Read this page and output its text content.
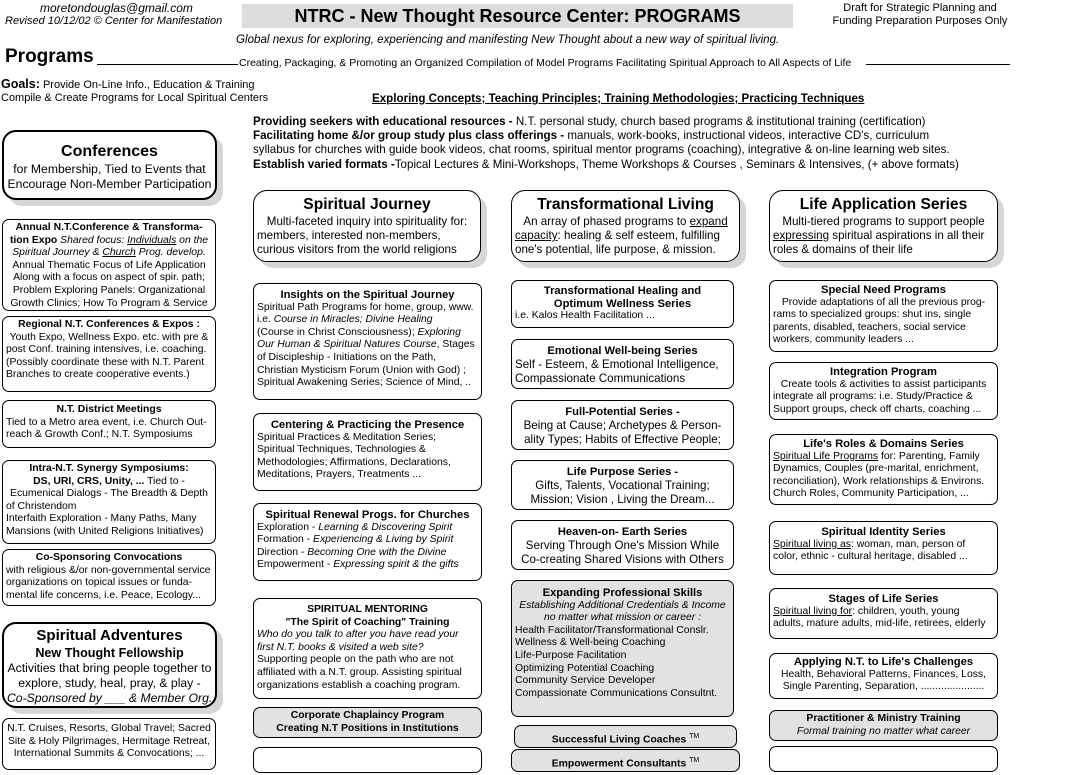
moretondouglas@gmail.com
Revised 10/12/02 © Center for Manifestation	NTRC - New Thought Resource Center: PROGRAMS	Draft for Strategic Planning and
Funding Preparation Purposes Only
Global nexus for exploring, experiencing and manifesting New Thought about a new way of spiritual living.
Programs	Creating, Packaging, & Promoting an Organized Compilation of Model Programs Facilitating Spiritual Approach to All Aspects of Life
Goals: Provide On-Line Info., Education & Training
Compile & Create Programs for Local Spiritual Centers	Exploring Concepts; Teaching Principles; Training Methodologies; Practicing Techniques
Providing seekers with educational resources - N.T. personal study, church based programs & institutional training (certification)
Facilitating home &/or group study plus class offerings - manuals, work-books, instructional videos, interactive CD's, curriculum
syllabus for churches with guide book videos, chat rooms, spiritual mentor programs (coaching), integrative & on-line learning web sites.
Establish varied formats -Topical Lectures & Mini-Workshops, Theme Workshops & Courses , Seminars & Intensives, (+ above formats)
Conferences
for Membership, Tied to Events that
Encourage Non-Member Participation
Annual N.T.Conference & Transforma-
tion Expo Shared focus: Individuals on the
Spiritual Journey & Church Prog. develop.
Annual Thematic Focus of Life Application
Along with a focus on aspect of spir. path;
Problem Exploring Panels: Organizational
Growth Clinics; How To Program & Service
Regional N.T. Conferences & Expos :
Youth Expo, Wellness Expo. etc. with pre &
post Conf. training intensives, i.e. coaching.
(Possibly coordinate these with N.T. Parent
Branches to create cooperative events.)
N.T. District Meetings
Tied to a Metro area event, i.e. Church Out-
reach & Growth Conf.; N.T. Symposiums
Intra-N.T. Synergy Symposiums:
DS, URI, CRS, Unity, ... Tied to -
Ecumenical Dialogs - The Breadth & Depth
of Christendom
Interfaith Exploration - Many Paths, Many
Mansions (with United Religions Initiatives)
Co-Sponsoring Convocations
with religious &/or non-governmental service
organizations on topical issues or funda-
mental life concerns, i.e. Peace, Ecology...
Spiritual Adventures
New Thought Fellowship
Activities that bring people together to
explore, study, heal, pray, & play -
Co-Sponsored by ___ & Member Org.
N.T. Cruises, Resorts, Global Travel; Sacred
Site & Holy Pilgrimages, Hermitage Retreat,
International Summits & Convocations; ...
Spiritual Journey
Multi-faceted inquiry into spirituality for:
members, interested non-members,
curious visitors from the world religions
Insights on the Spiritual Journey
Spiritual Path Programs for home, group, www.
i.e. Course in Miracles; Divine Healing
(Course in Christ Consciousness); Exploring
Our Human & Spiritual Natures Course, Stages
of Discipleship - Initiations on the Path,
Christian Mysticism Forum (Union with God) ;
Spiritual Awakening Series; Science of Mind, ..
Centering & Practicing the Presence
Spiritual Practices & Meditation Series;
Spiritual Techniques, Technologies &
Methodologies; Affirmations, Declarations,
Meditations, Prayers, Treatments ...
Spiritual Renewal Progs. for Churches
Exploration - Learning & Discovering Spirit
Formation - Experiencing & Living by Spirit
Direction - Becoming One with the Divine
Empowerment - Expressing spirit & the gifts
SPIRITUAL MENTORING
"The Spirit of Coaching" Training
Who do you talk to after you have read your
first N.T. books & visited a web site?
Supporting people on the path who are not
affiliated with a N.T. group. Assisting spiritual
organizations establish a coaching program.
Corporate Chaplaincy Program
Creating N.T Positions in Institutions
Transformational Living
An array of phased programs to expand
capacity: healing & self esteem, fulfilling
one's potential, life purpose, & mission.
Transformational Healing and
Optimum Wellness Series
i.e. Kalos Health Facilitation ...
Emotional Well-being Series
Self - Esteem, & Emotional Intelligence,
Compassionate Communications
Full-Potential Series -
Being at Cause; Archetypes & Person-
ality Types; Habits of Effective People;
Life Purpose Series -
Gifts, Talents, Vocational Training;
Mission; Vision , Living the Dream...
Heaven-on- Earth Series
Serving Through One's Mission While
Co-creating Shared Visions with Others
Expanding Professional Skills
Establishing Additional Credentials & Income
no matter what mission or career :
Health Facilitator/Transformational Conslr.
Wellness & Well-being Coaching
Life-Purpose Facilitation
Optimizing Potential Coaching
Community Service Developer
Compassionate Communications Consultnt.
Successful Living Coaches ™
Empowerment Consultants ™
Life Application Series
Multi-tiered programs to support people
expressing spiritual aspirations in all their
roles & domains of their life
Special Need Programs
Provide adaptations of all the previous prog-
rams to specialized groups: shut ins, single
parents, disabled, teachers, social service
workers, community leaders ...
Integration Program
Create tools & activities to assist participants
integrate all programs: i.e. Study/Practice &
Support groups, check off charts, coaching ...
Life's Roles & Domains Series
Spiritual Life Programs for: Parenting, Family
Dynamics, Couples (pre-marital, enrichment,
reconciliation), Work relationships & Environs.
Church Roles, Community Participation, ...
Spiritual Identity Series
Spiritual living as: woman, man, person of
color, ethnic - cultural heritage, disabled ...
Stages of Life Series
Spiritual living for: children, youth, young
adults, mature adults, mid-life, retirees, elderly
Applying N.T. to Life's Challenges
Health, Behavioral Patterns, Finances, Loss,
Single Parenting, Separation, ......................
Practitioner & Ministry Training
Formal training no matter what career
